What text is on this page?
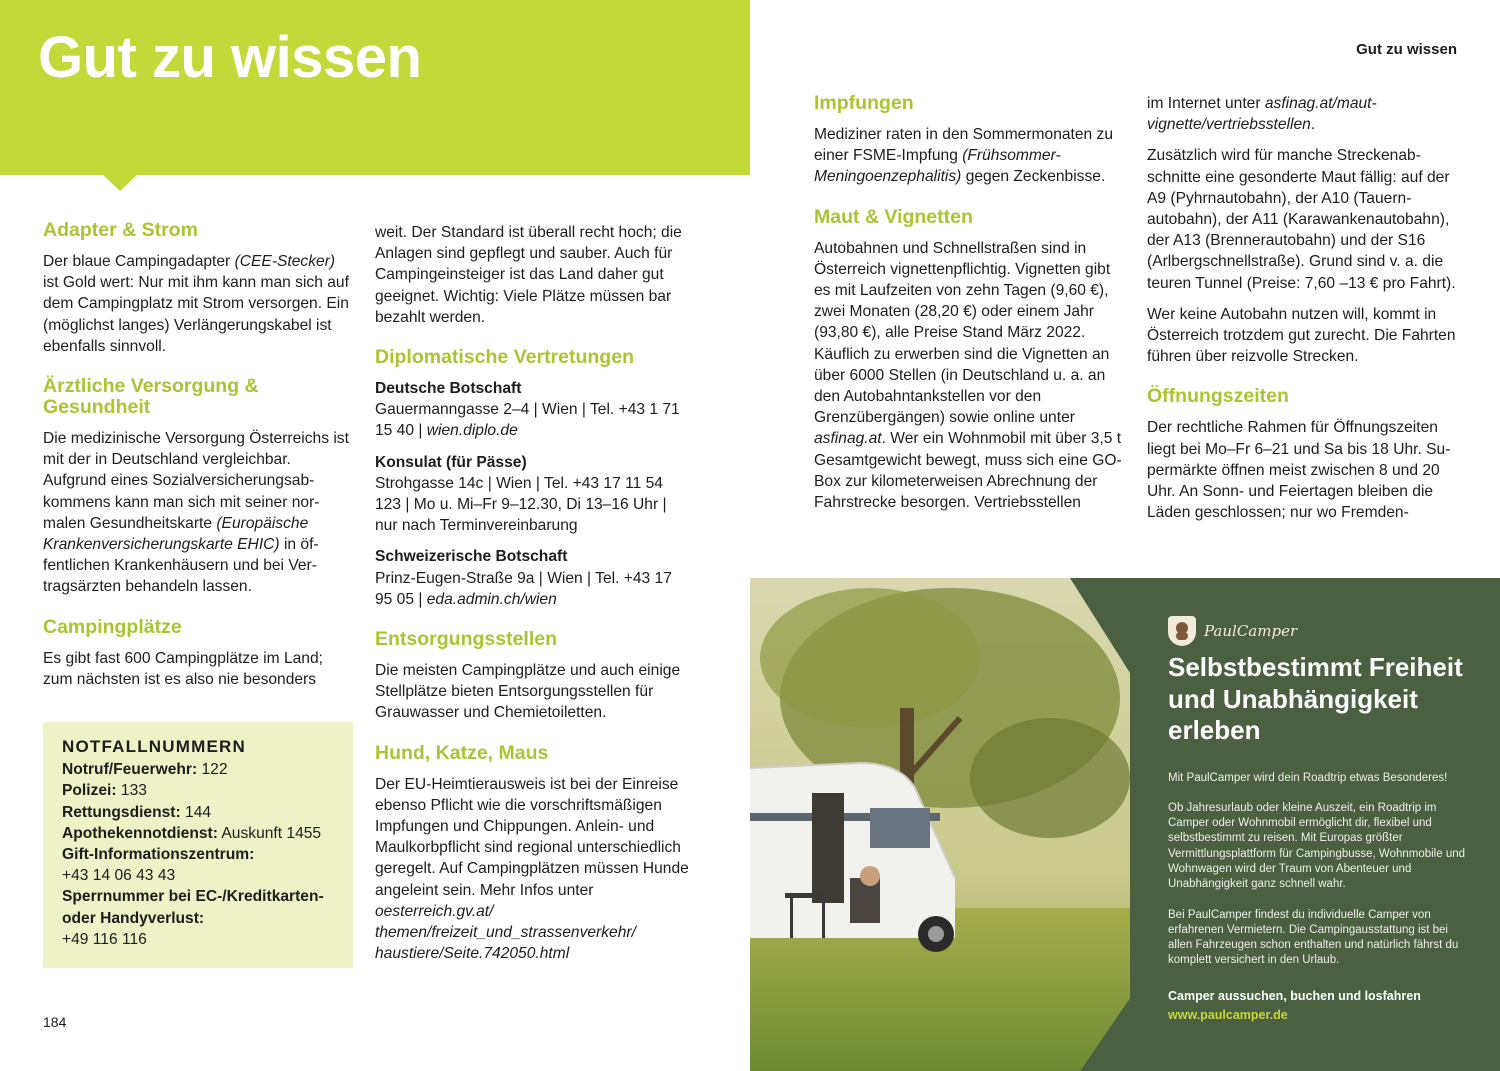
Gut zu wissen	Gut zu wissen
Adapter & Strom

Der blaue Campingadapter (CEE-Stecker) ist Gold wert: Nur mit ihm kann man sich auf dem Campingplatz mit Strom versorgen. Ein (möglichst langes) Verlängerungskabel ist ebenfalls sinnvoll.

Ärztliche Versorgung & Gesundheit

Die medizinische Versorgung Österreichs ist mit der in Deutschland vergleichbar. Aufgrund eines Sozialversicherungsabkommens kann man sich mit seiner normalen Gesundheitskarte (Europäische Krankenversicherungskarte EHIC) in öffentlichen Krankenhäusern und bei Vertragsärzten behandeln lassen.

Campingplätze

Es gibt fast 600 Campingplätze im Land; zum nächsten ist es also nie besonders

NOTFALLNUMMERN
Notruf/Feuerwehr: 122
Polizei: 133
Rettungsdienst: 144
Apothekennotdienst: Auskunft 1455
Gift-Informationszentrum:
+43 14 06 43 43
Sperrnummer bei EC-/Kreditkarten- oder Handyverlust:
+49 116 116
184

weit. Der Standard ist überall recht hoch; die Anlagen sind gepflegt und sauber. Auch für Campingeinsteiger ist das Land daher gut geeignet. Wichtig: Viele Plätze müssen bar bezahlt werden.

Diplomatische Vertretungen
Deutsche Botschaft
Gauermanngasse 2–4 | Wien | Tel. +43 1 71 15 40 | wien.diplo.de
Konsulat (für Pässe)
Strohgasse 14c | Wien | Tel. +43 17 11 54 123 | Mo u. Mi–Fr 9–12.30, Di 13–16 Uhr | nur nach Terminvereinbarung
Schweizerische Botschaft
Prinz-Eugen-Straße 9a | Wien | Tel. +43 17 95 05 | eda.admin.ch/wien
Entsorgungsstellen

Die meisten Campingplätze und auch einige Stellplätze bieten Entsorgungsstellen für Grauwasser und Chemietoiletten.

Hund, Katze, Maus

Der EU-Heimtierausweis ist bei der Einreise ebenso Pflicht wie die vorschriftsmäßigen Impfungen und Chippungen. Anlein- und Maulkorbpflicht sind regional unterschiedlich geregelt. Auf Campingplätzen müssen Hunde angeleint sein. Mehr Infos unter oesterreich.gv.at/ themen/freizeit_und_strassenverkehr/ haustiere/Seite.742050.html

Impfungen

Mediziner raten in den Sommermonaten zu einer FSME-Impfung (Frühsommer-Meningoenzephalitis) gegen Zeckenbisse.

Maut & Vignetten

Autobahnen und Schnellstraßen sind in Österreich vignettenpflichtig. Vignetten gibt es mit Laufzeiten von zehn Tagen (9,60 €), zwei Monaten (28,20 €) oder einem Jahr (93,80 €), alle Preise Stand März 2022. Käuflich zu erwerben sind die Vignetten an über 6000 Stellen (in Deutschland u. a. an den Autobahntankstellen vor den Grenzübergängen) sowie online unter asfinag.at. Wer ein Wohnmobil mit über 3,5 t Gesamtgewicht bewegt, muss sich eine GO-Box zur kilometerweisen Abrechnung der Fahrstrecke besorgen. Vertriebsstellen

im Internet unter asfinag.at/maut-vignette/vertriebsstellen.

Zusätzlich wird für manche Streckenabschnitte eine gesonderte Maut fällig: auf der A9 (Pyhrnautobahn), der A10 (Tauernautobahn), der A11 (Karawankenautobahn), der A13 (Brennerautobahn) und der S16 (Arlbergschnellstraße). Grund sind v. a. die teuren Tunnel (Preise: 7,60 –13 € pro Fahrt).

Wer keine Autobahn nutzen will, kommt in Österreich trotzdem gut zurecht. Die Fahrten führen über reizvolle Strecken.

Öffnungszeiten

Der rechtliche Rahmen für Öffnungszeiten liegt bei Mo–Fr 6–21 und Sa bis 18 Uhr. Supermärkte öffnen meist zwischen 8 und 20 Uhr. An Sonn- und Feiertagen bleiben die Läden geschlossen; nur wo Fremden-

PaulCamper
Selbstbestimmt Freiheit und Unabhängigkeit erleben

Mit PaulCamper wird dein Roadtrip etwas Besonderes!

Ob Jahresurlaub oder kleine Auszeit, ein Roadtrip im Camper oder Wohnmobil ermöglicht dir, flexibel und selbstbestimmt zu reisen. Mit Europas größter Vermittlungsplattform für Campingbusse, Wohnmobile und Wohnwagen wird der Traum von Abenteuer und Unabhängigkeit ganz schnell wahr.

Bei PaulCamper findest du individuelle Camper von erfahrenen Vermietern. Die Campingausstattung ist bei allen Fahrzeugen schon enthalten und natürlich fährst du komplett versichert in den Urlaub.

Camper aussuchen, buchen und losfahren
www.paulcamper.de
